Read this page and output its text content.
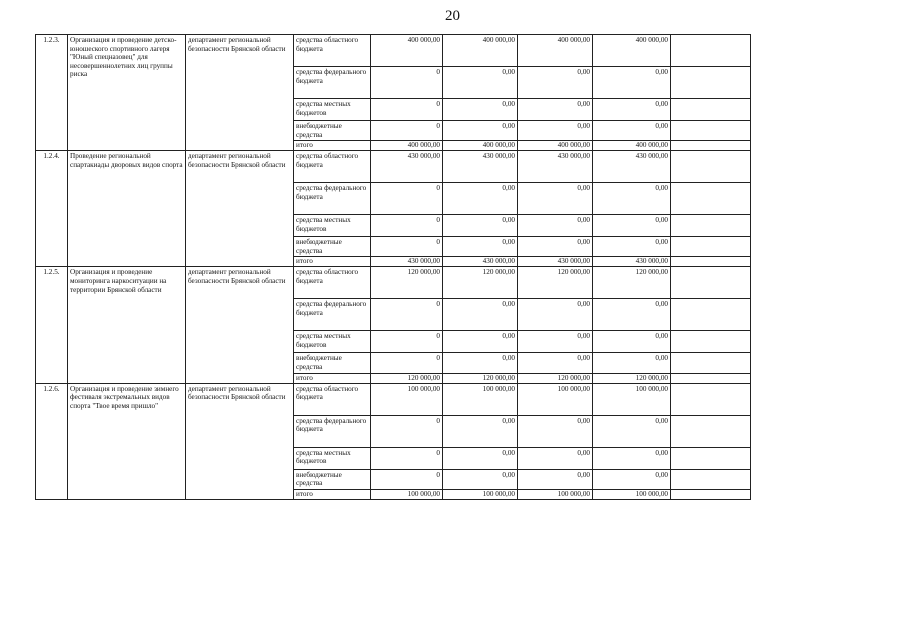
20
1.2.3.	Организация и проведение детско-юношеского спортивного лагеря "Юный спецназовец" для несовершеннолетних лиц группы риска	департамент региональной безопасности Брянской области	средства областного бюджета	400 000,00	400 000,00	400 000,00	400 000,00	
			средства федерального бюджета	0	0,00	0,00	0,00	
			средства местных бюджетов	0	0,00	0,00	0,00	
			внебюджетные средства	0	0,00	0,00	0,00	
			итого	400 000,00	400 000,00	400 000,00	400 000,00	
1.2.4.	Проведение региональной спартакиады дворовых видов спорта	департамент региональной безопасности Брянской области	средства областного бюджета	430 000,00	430 000,00	430 000,00	430 000,00	
			средства федерального бюджета	0	0,00	0,00	0,00	
			средства местных бюджетов	0	0,00	0,00	0,00	
			внебюджетные средства	0	0,00	0,00	0,00	
			итого	430 000,00	430 000,00	430 000,00	430 000,00	
1.2.5.	Организация и проведение мониторинга наркоситуации на территории Брянской области	департамент региональной безопасности Брянской области	средства областного бюджета	120 000,00	120 000,00	120 000,00	120 000,00	
			средства федерального бюджета	0	0,00	0,00	0,00	
			средства местных бюджетов	0	0,00	0,00	0,00	
			внебюджетные средства	0	0,00	0,00	0,00	
			итого	120 000,00	120 000,00	120 000,00	120 000,00	
1.2.6.	Организация и проведение зимнего фестиваля экстремальных видов спорта "Твое время пришло"	департамент региональной безопасности Брянской области	средства областного бюджета	100 000,00	100 000,00	100 000,00	100 000,00	
			средства федерального бюджета	0	0,00	0,00	0,00	
			средства местных бюджетов	0	0,00	0,00	0,00	
			внебюджетные средства	0	0,00	0,00	0,00	
			итого	100 000,00	100 000,00	100 000,00	100 000,00	
